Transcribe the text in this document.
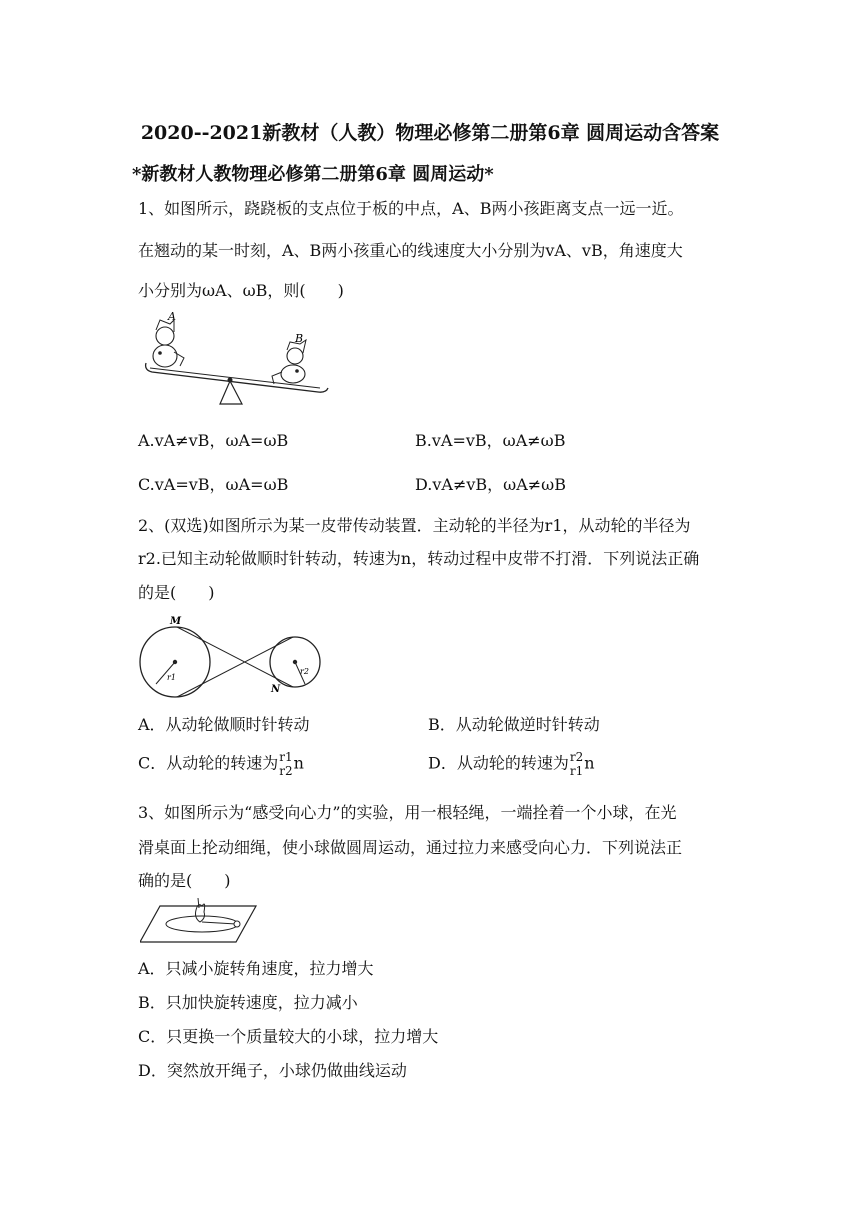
2020--2021新教材（人教）物理必修第二册第6章 圆周运动含答案
*新教材人教物理必修第二册第6章 圆周运动*
1、如图所示，跷跷板的支点位于板的中点，A、B两小孩距离支点一远一近。
在翘动的某一时刻，A、B两小孩重心的线速度大小分别为vA、vB，角速度大
小分别为ωA、ωB，则(　　)
A
B
A.vA≠vB，ωA=ωB	B.vA=vB，ωA≠ωB
C.vA=vB，ωA=ωB	D.vA≠vB，ωA≠ωB
2、(双选)如图所示为某一皮带传动装置．主动轮的半径为r1，从动轮的半径为
r2.已知主动轮做顺时针转动，转速为n，转动过程中皮带不打滑．下列说法正确
的是(　　)
M
N
r1
r2
A．从动轮做顺时针转动	B．从动轮做逆时针转动
C．从动轮的转速为 r1
r2 n	D．从动轮的转速为 r2
r1 n
3、如图所示为“感受向心力”的实验，用一根轻绳，一端拴着一个小球，在光
滑桌面上抡动细绳，使小球做圆周运动，通过拉力来感受向心力．下列说法正
确的是(　　)
A．只减小旋转角速度，拉力增大
B．只加快旋转速度，拉力减小
C．只更换一个质量较大的小球，拉力增大
D．突然放开绳子，小球仍做曲线运动
